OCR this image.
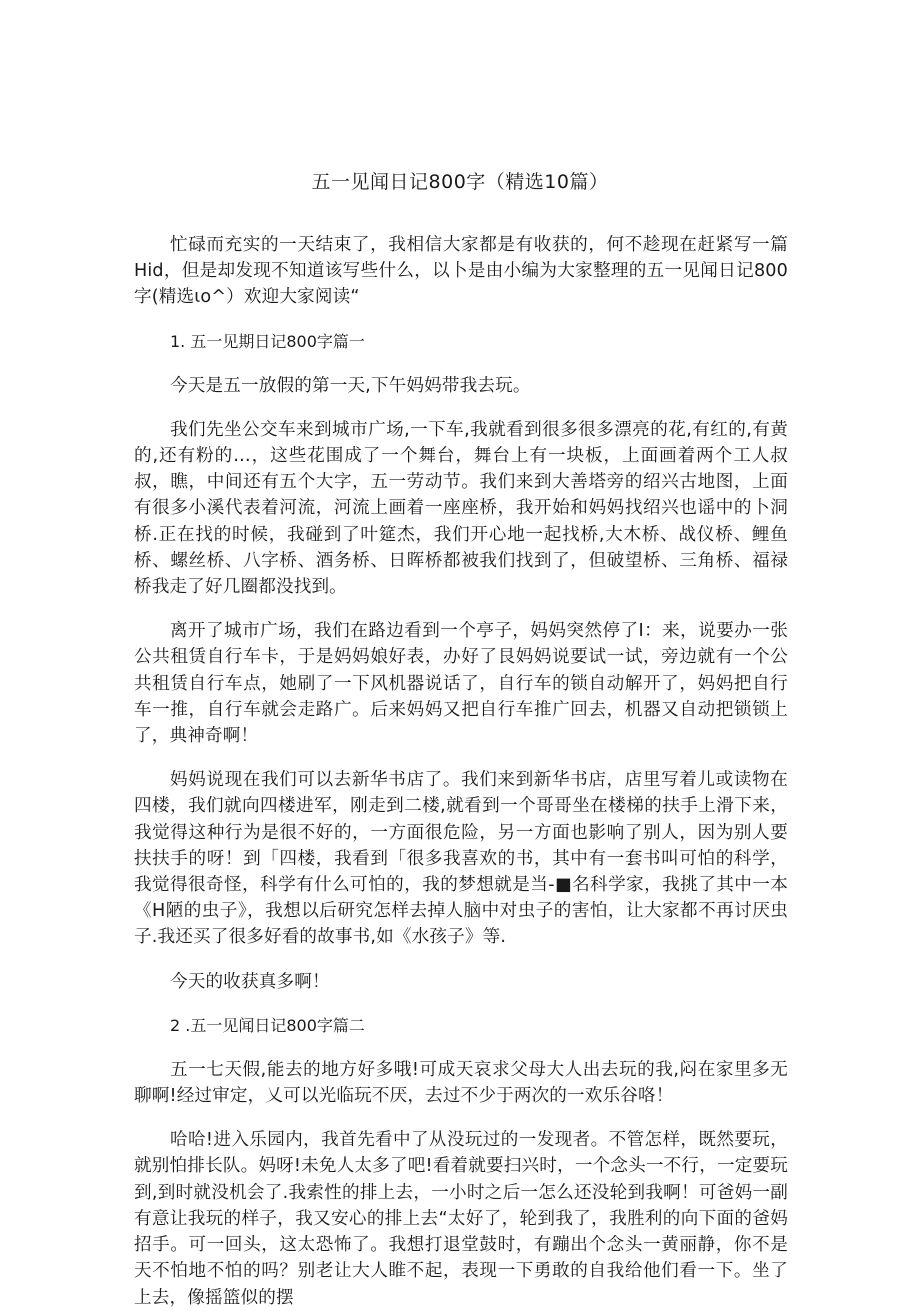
五一见闻日记800字（精选10篇）

忙碌而充实的一天结束了，我相信大家都是有收获的，何不趁现在赶紧写一篇Hid，但是却发现不知道该写些什么，以卜是由小编为大家整理的五一见闻日记800字(精选ιo^）欢迎大家阅读“

1. 五一见期日记800字篇一

今天是五一放假的第一天,下午妈妈带我去玩。

我们先坐公交车来到城市广场,一下车,我就看到很多很多漂亮的花,有红的,有黄的,还有粉的…，这些花围成了一个舞台，舞台上有一块板，上面画着两个工人叔叔，瞧，中间还有五个大字，五一劳动节。我们来到大善塔旁的绍兴古地图，上面有很多小溪代表着河流，河流上画着一座座桥，我开始和妈妈找绍兴也谣中的卜洞桥.正在找的时候，我碰到了叶筵杰，我们开心地一起找桥,大木桥、战仪桥、鲤鱼桥、螺丝桥、八字桥、酒务桥、日晖桥都被我们找到了，但破望桥、三角桥、福禄桥我走了好几圈都没找到。

离开了城市广场，我们在路边看到一个亭子，妈妈突然停了I：来，说要办一张公共租赁自行车卡，于是妈妈娘好表，办好了艮妈妈说要试一试，旁边就有一个公共租赁自行车点，她刷了一下风机器说话了，自行车的锁自动解开了，妈妈把自行车一推，自行车就会走路广。后来妈妈又把自行车推广回去，机器又自动把锁锁上了，典神奇啊！

妈妈说现在我们可以去新华书店了。我们来到新华书店，店里写着儿或读物在四楼，我们就向四楼进军，刚走到二楼,就看到一个哥哥坐在楼梯的扶手上滑下来，我觉得这种行为是很不好的，一方面很危险，另一方面也影响了别人，因为别人要扶扶手的呀！到「四楼，我看到「很多我喜欢的书，其中有一套书叫可怕的科学，我觉得很奇怪，科学有什么可怕的，我的梦想就是当-■名科学家，我挑了其中一本《H陋的虫子》，我想以后研究怎样去掉人脑中对虫子的害怕，让大家都不再讨厌虫子.我还买了很多好看的故事书,如《水孩子》等.

今天的收获真多啊！

2 .五一见闻日记800字篇二

五一七天假,能去的地方好多哦!可成天哀求父母大人出去玩的我,闷在家里多无聊啊!经过审定，乂可以光临玩不厌，去过不少于两次的一欢乐谷咯！

哈哈!进入乐园内，我首先看中了从没玩过的一发现者。不管怎样，既然要玩，就别怕排长队。妈呀!未免人太多了吧!看着就要扫兴时，一个念头一不行，一定要玩到,到时就没机会了.我索性的排上去，一小时之后一怎么还没轮到我啊！可爸妈一副有意让我玩的样子，我又安心的排上去“太好了，轮到我了，我胜利的向下面的爸妈招手。可一回头，这太恐怖了。我想打退堂鼓时，有蹦出个念头一黄丽静，你不是天不怕地不怕的吗？别老让大人睢不起，表现一下勇敢的自我给他们看一下。坐了上去，像摇篮似的摆
